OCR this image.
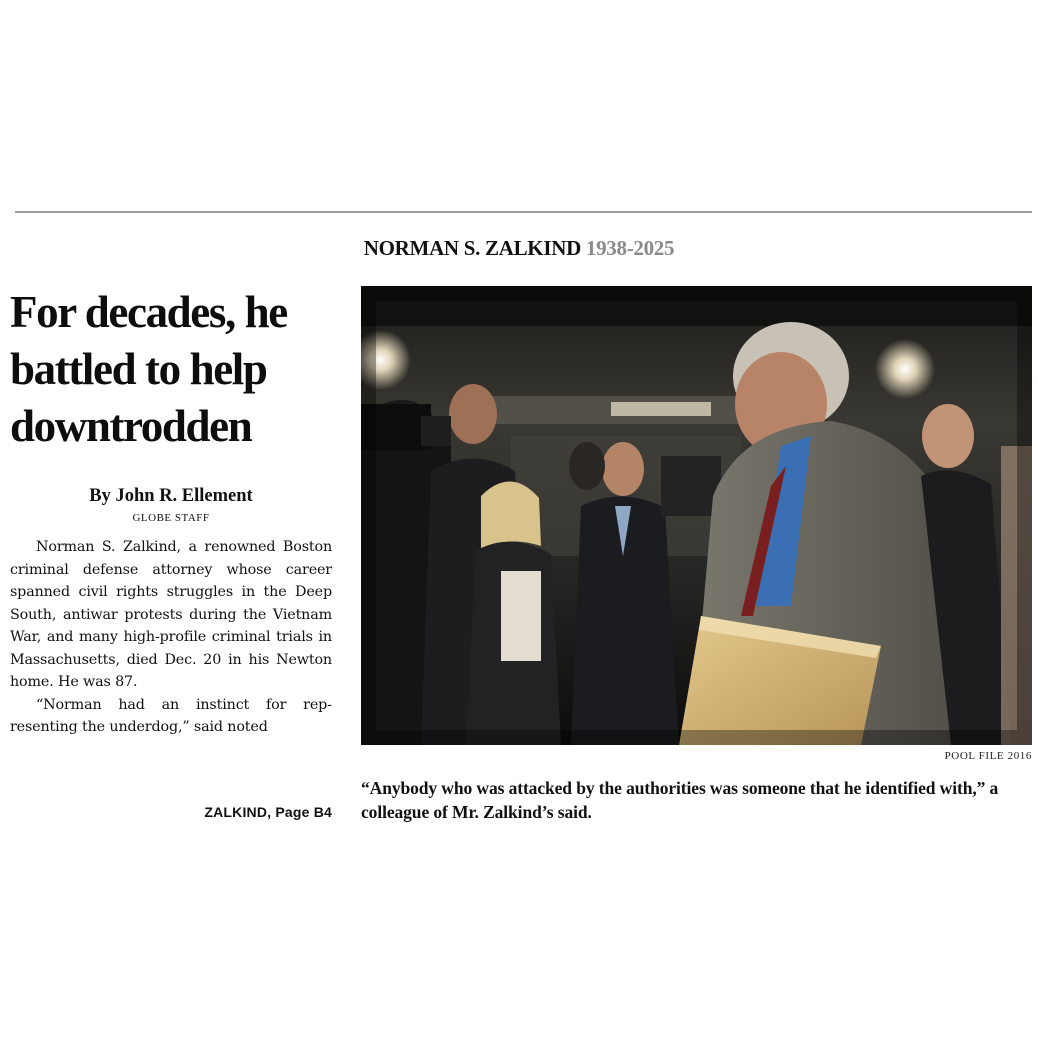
NORMAN S. ZALKIND 1938-2025
For decades, he
battled to help
downtrodden
By John R. Ellement
GLOBE STAFF

Norman S. Zalkind, a renowned Boston criminal defense attorney whose career spanned civil rights struggles in the Deep South, antiwar protests during the Vietnam War, and many high-profile criminal trials in Massachusetts, died Dec. 20 in his Newton home. He was 87.

“Norman had an instinct for representing the underdog,” said noted

ZALKIND, Page B4
POOL FILE 2016
“Anybody who was attacked by the authorities was someone that he identified with,” a colleague of Mr. Zalkind’s said.
